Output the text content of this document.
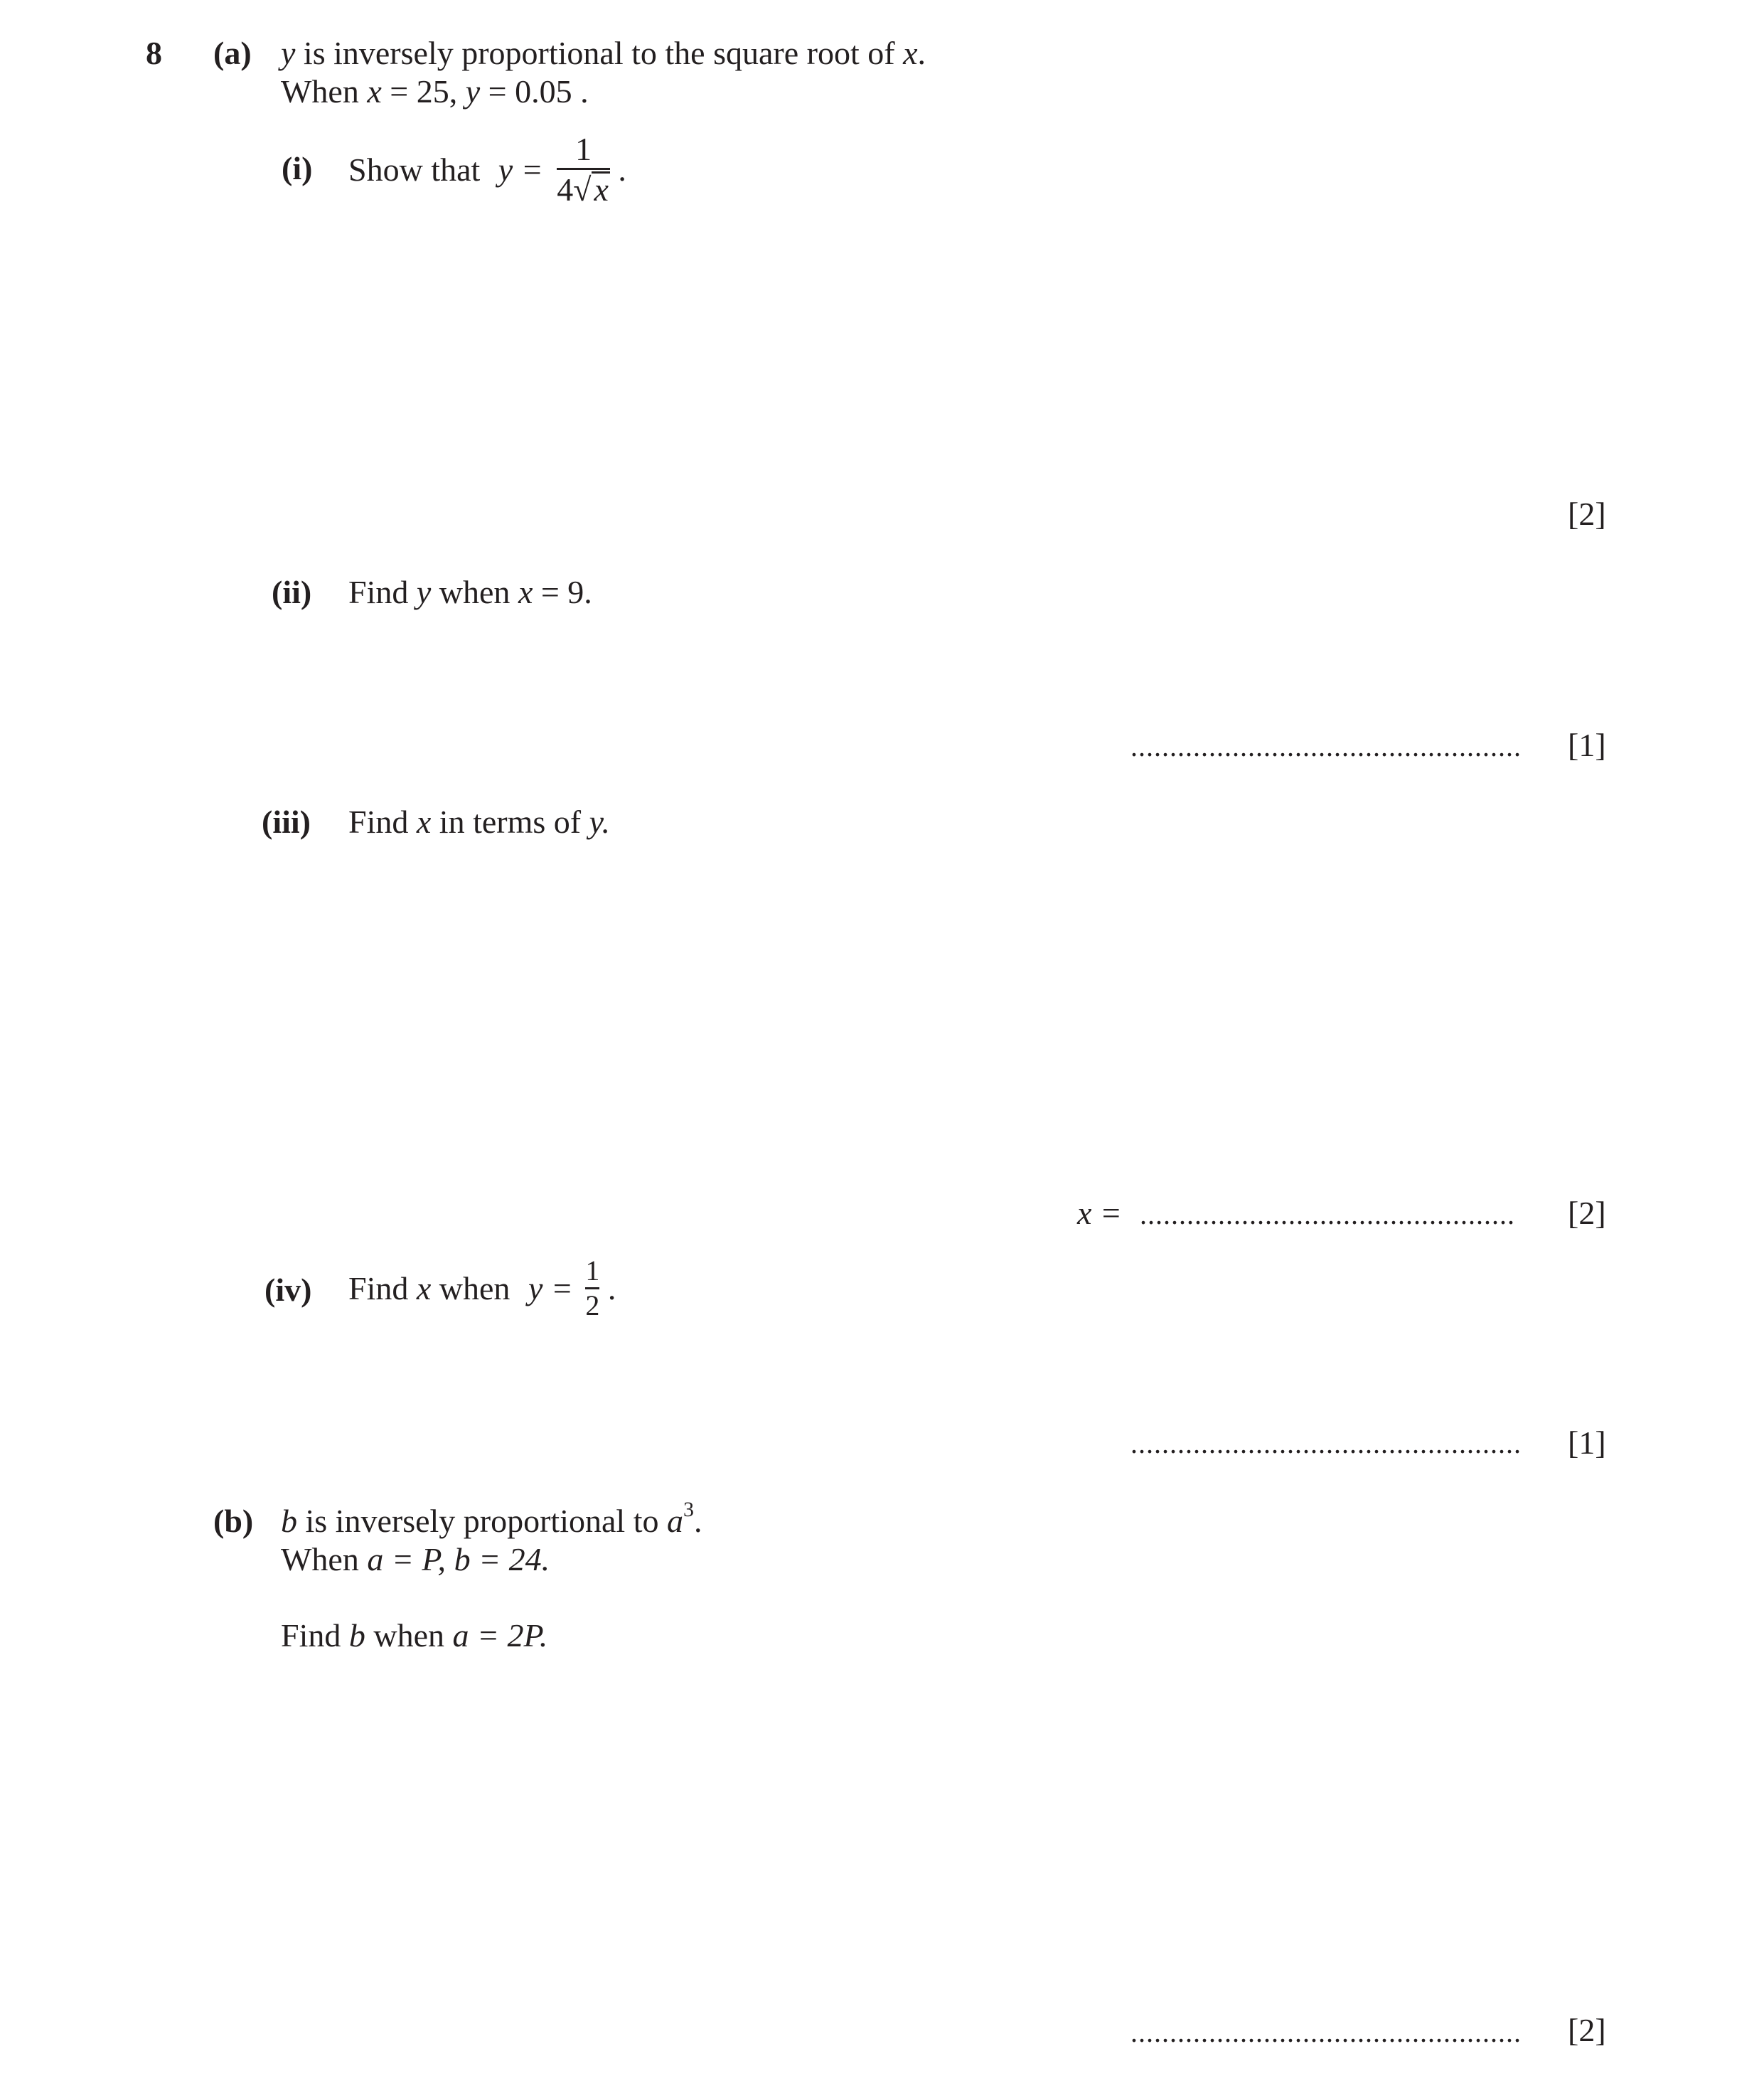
8 (a) y is inversely proportional to the square root of x.
When x = 25, y = 0.05 .
(i) Show that $y = \frac{1}{4√x}$ .
[2]
(ii) Find y when x = 9.
.................................................. [1]
(iii) Find x in terms of y.
x = ................................................ [2]
(iv) Find x when $y = \frac{1}{2}$ .
.................................................. [1]
(b) b is inversely proportional to $a^3$.
When a = P, b = 24.
Find b when a = 2P.
.................................................. [2]
